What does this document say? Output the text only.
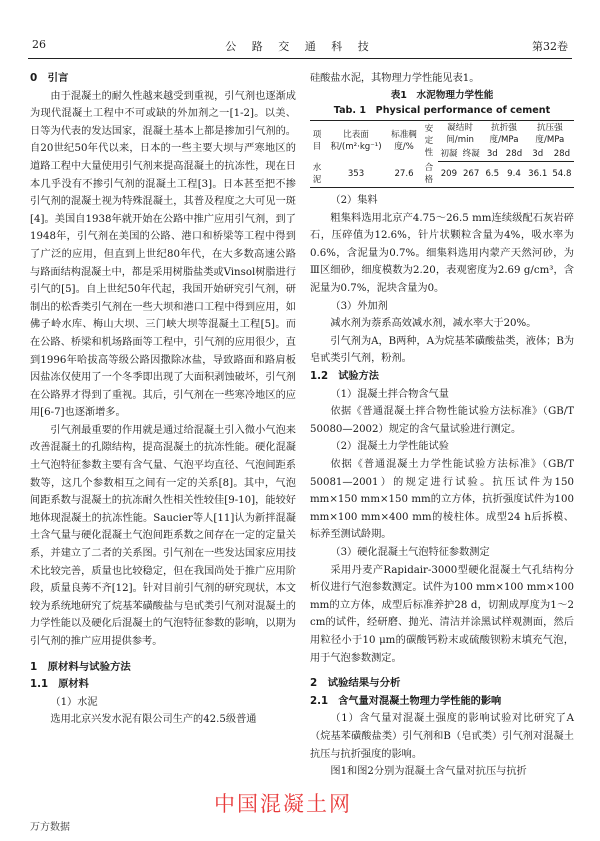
26	公 路 交 通 科 技	第32卷

0　引言

由于混凝土的耐久性越来越受到重视，引气剂也逐渐成为现代混凝土工程中不可或缺的外加剂之一[1-2]。以美、日等为代表的发达国家，混凝土基本上都是掺加引气剂的。自20世纪50年代以来，日本的一些主要大坝与严寒地区的道路工程中大量使用引气剂来提高混凝土的抗冻性，现在日本几乎没有不掺引气剂的混凝土工程[3]。日本甚至把不掺引气剂的混凝土视为特殊混凝土，其普及程度之大可见一斑[4]。美国自1938年就开始在公路中推广应用引气剂，到了1948年，引气剂在美国的公路、港口和桥梁等工程中得到了广泛的应用，但直到上世纪80年代，在大多数高速公路与路面结构混凝土中，都是采用树脂盐类或Vinsol树脂进行引气的[5]。自上世纪50年代起，我国开始研究引气剂，研制出的松香类引气剂在一些大坝和港口工程中得到应用，如佛子岭水库、梅山大坝、三门峡大坝等混凝土工程[5]。而在公路、桥梁和机场路面等工程中，引气剂的应用很少，直到1996年哈拔高等级公路因撒除冰盐，导致路面和路肩板因盐冻仅使用了一个冬季即出现了大面积剥蚀破坏，引气剂在公路界才得到了重视。其后，引气剂在一些寒冷地区的应用[6-7]也逐渐增多。

引气剂最重要的作用就是通过给混凝土引入微小气泡来改善混凝土的孔隙结构，提高混凝土的抗冻性能。硬化混凝土气泡特征参数主要有含气量、气泡平均直径、气泡间距系数等，这几个参数相互之间有一定的关系[8]。其中，气泡间距系数与混凝土的抗冻耐久性相关性较佳[9-10]，能较好地体现混凝土的抗冻性能。Saucier等人[11]认为新拌混凝土含气量与硬化混凝土气泡间距系数之间存在一定的定量关系，并建立了二者的关系图。引气剂在一些发达国家应用技术比较完善，质量也比较稳定，但在我国尚处于推广应用阶段，质量良莠不齐[12]。针对目前引气剂的研究现状，本文较为系统地研究了烷基苯磺酸盐与皂甙类引气剂对混凝土的力学性能以及硬化后混凝土的气泡特征参数的影响，以期为引气剂的推广应用提供参考。

1　原材料与试验方法

1.1　原材料

（1）水泥

选用北京兴发水泥有限公司生产的42.5级普通

硅酸盐水泥，其物理力学性能见表1。

表1　水泥物理力学性能
Tab. 1　Physical performance of cement
项目	比表面积/(m²·kg⁻¹)	标准稠度/%	安定性	凝结时间/min		抗折强度/MPa		抗压强度/MPa	
				初凝	终凝	3d	28d	3d	28d
水泥	353	27.6	合格	209	267	6.5	9.4	36.1	54.8

（2）集料

粗集料选用北京产4.75～26.5 mm连续级配石灰岩碎石，压碎值为12.6%，针片状颗粒含量为4%，吸水率为0.6%，含泥量为0.7%。细集料选用内蒙产天然河砂，为Ⅲ区细砂，细度模数为2.20，表观密度为2.69 g/cm³，含泥量为0.7%，泥块含量为0。

（3）外加剂

减水剂为萘系高效减水剂，减水率大于20%。

引气剂为A，B两种，A为烷基苯磺酸盐类，液体；B为皂甙类引气剂，粉剂。

1.2　试验方法

（1）混凝土拌合物含气量

依据《普通混凝土拌合物性能试验方法标准》（GB/T 50080—2002）规定的含气量试验进行测定。

（2）混凝土力学性能试验

依据《普通混凝土力学性能试验方法标准》（GB/T 50081—2001）的规定进行试验。抗压试件为150 mm×150 mm×150 mm的立方体，抗折强度试件为100 mm×100 mm×400 mm的棱柱体。成型24 h后拆模、标养至测试龄期。

（3）硬化混凝土气泡特征参数测定

采用丹麦产Rapidair-3000型硬化混凝土气孔结构分析仪进行气泡参数测定。试件为100 mm×100 mm×100 mm的立方体，成型后标准养护28 d，切割成厚度为1～2 cm的试件，经研磨、抛光、清洁并涂黑试样观测面，然后用粒径小于10 μm的碳酸钙粉末或硫酸钡粉末填充气泡，用于气泡参数测定。

2　试验结果与分析

2.1　含气量对混凝土物理力学性能的影响

（1）含气量对混凝土强度的影响试验对比研究了A（烷基苯磺酸盐类）引气剂和B（皂甙类）引气剂对混凝土抗压与抗折强度的影响。

图1和图2分别为混凝土含气量对抗压与抗折

中国混凝土网
万方数据
